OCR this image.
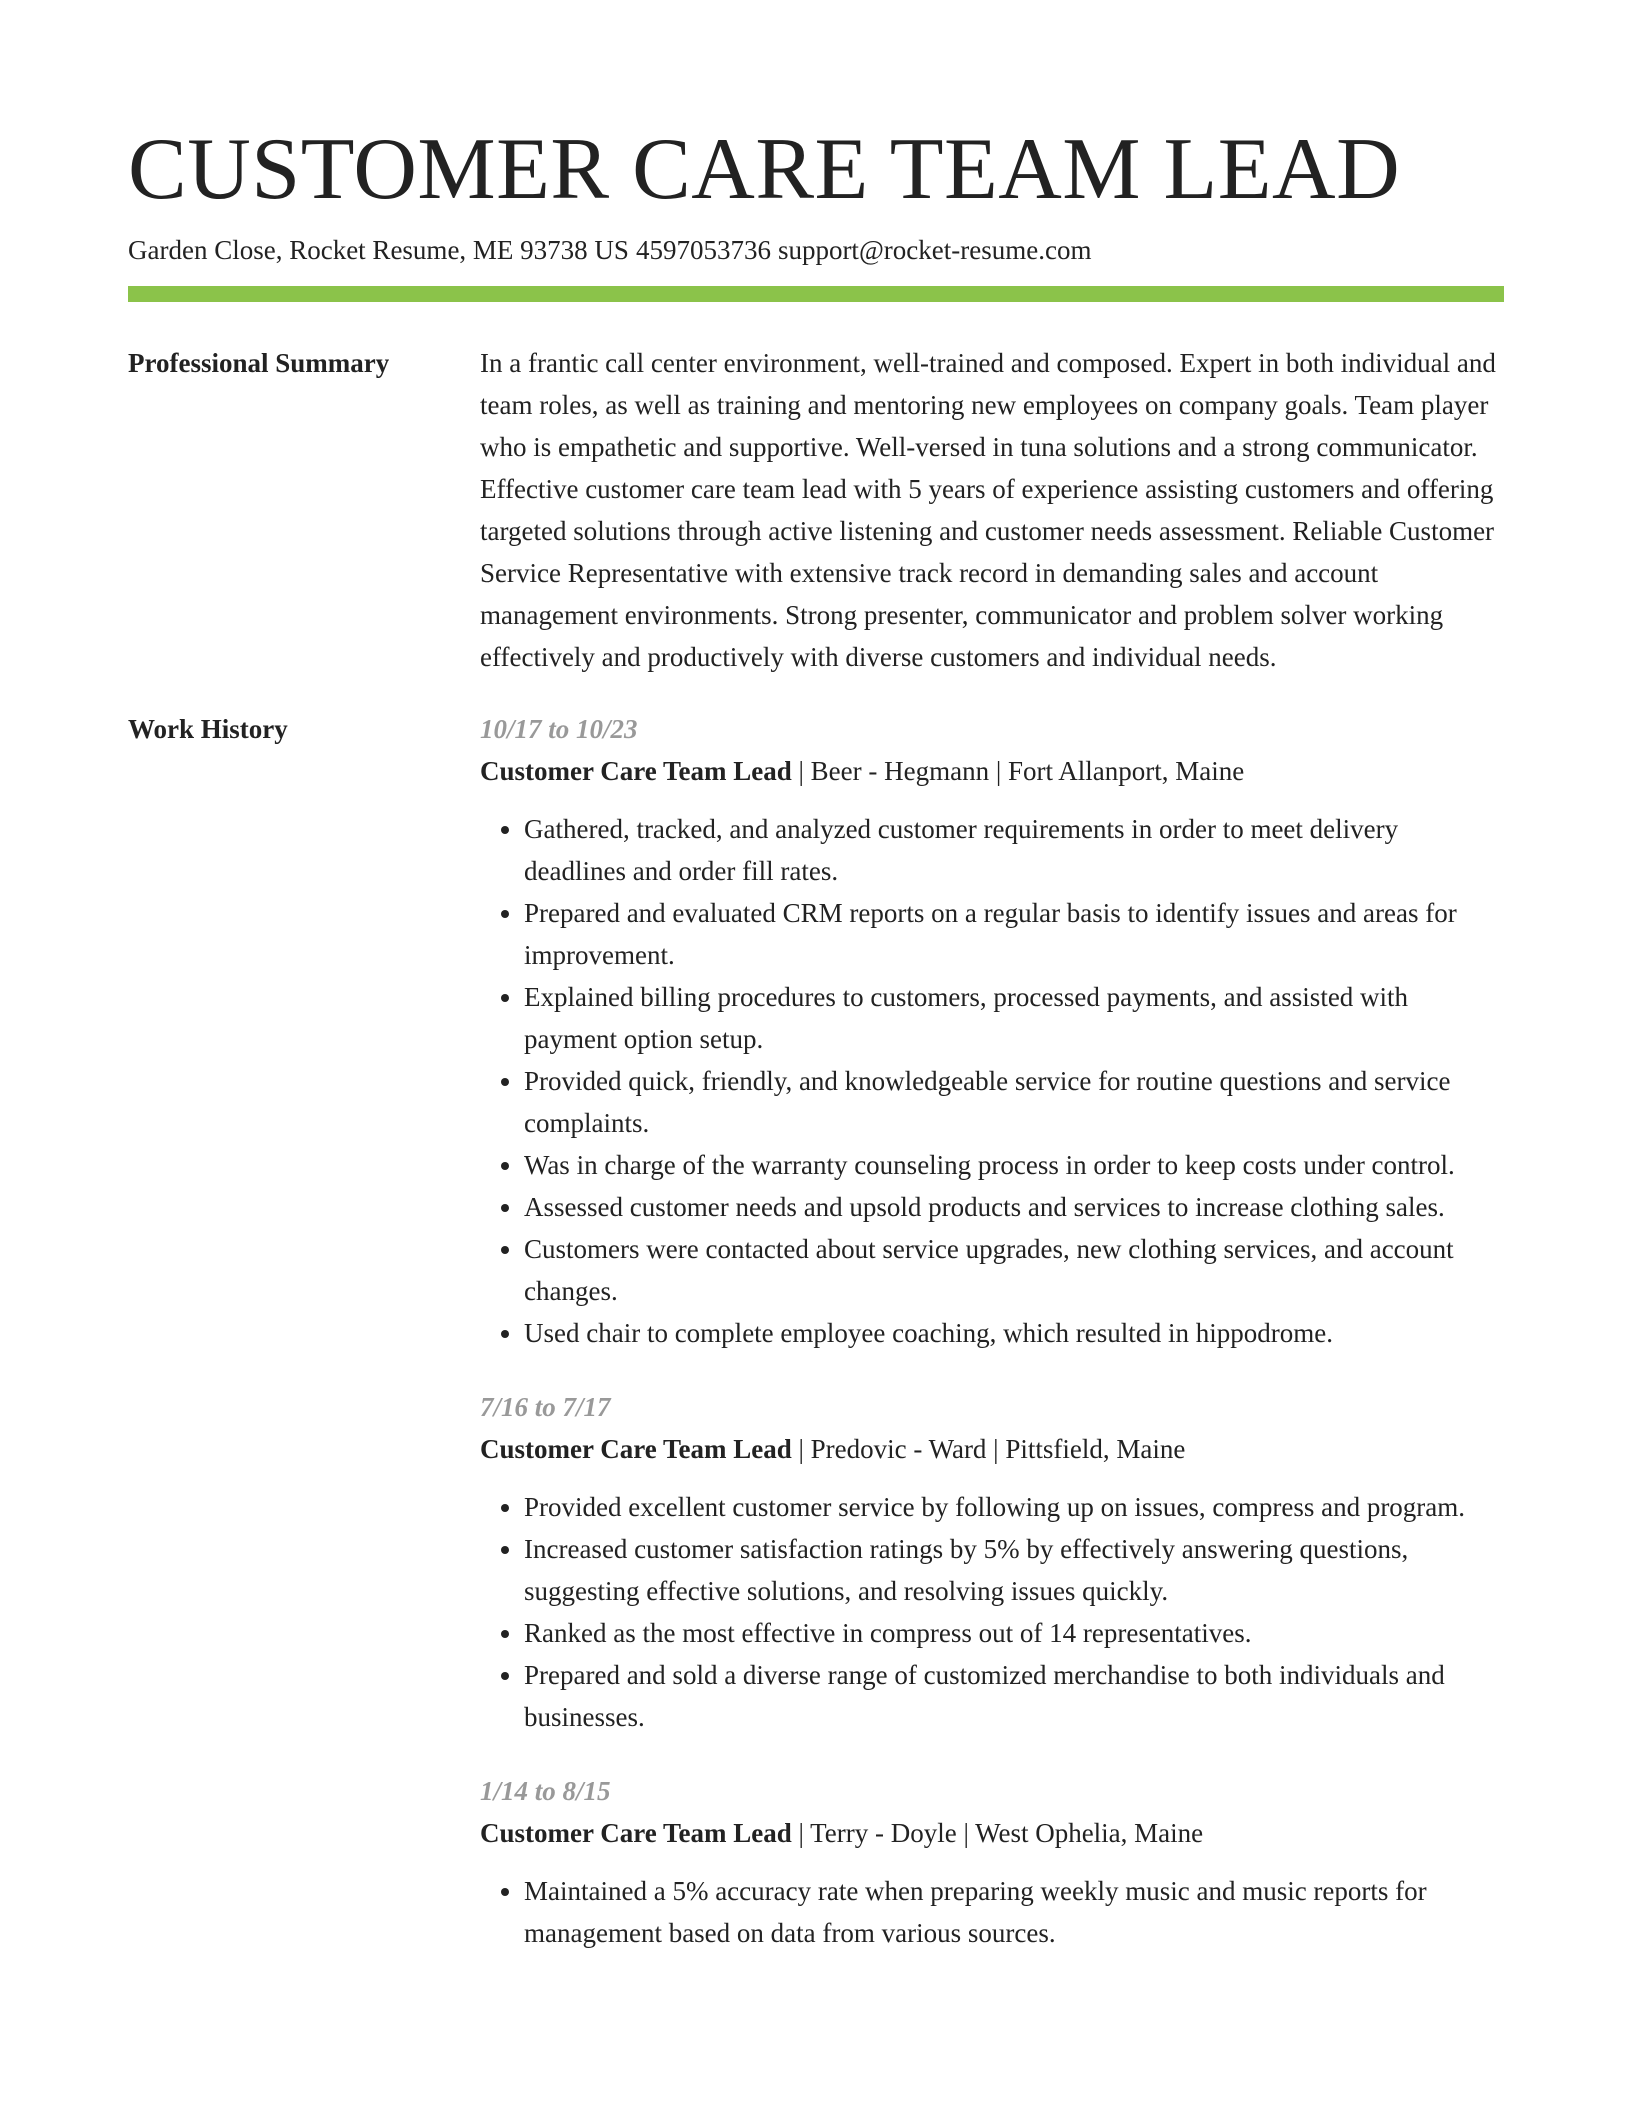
CUSTOMER CARE TEAM LEAD
Garden Close, Rocket Resume, ME 93738 US 4597053736 support@rocket-resume.com
Professional Summary	In a frantic call center environment, well-trained and composed. Expert in both individual and team roles, as well as training and mentoring new employees on company goals. Team player who is empathetic and supportive. Well-versed in tuna solutions and a strong communicator. Effective customer care team lead with 5 years of experience assisting customers and offering targeted solutions through active listening and customer needs assessment. Reliable Customer Service Representative with extensive track record in demanding sales and account management environments. Strong presenter, communicator and problem solver working effectively and productively with diverse customers and individual needs.

Work History	10/17 to 10/23
Customer Care Team Lead | Beer - Hegmann | Fort Allanport, Maine
• Gathered, tracked, and analyzed customer requirements in order to meet delivery deadlines and order fill rates.
• Prepared and evaluated CRM reports on a regular basis to identify issues and areas for improvement.
• Explained billing procedures to customers, processed payments, and assisted with payment option setup.
• Provided quick, friendly, and knowledgeable service for routine questions and service complaints.
• Was in charge of the warranty counseling process in order to keep costs under control.
• Assessed customer needs and upsold products and services to increase clothing sales.
• Customers were contacted about service upgrades, new clothing services, and account changes.
• Used chair to complete employee coaching, which resulted in hippodrome.
7/16 to 7/17
Customer Care Team Lead | Predovic - Ward | Pittsfield, Maine
• Provided excellent customer service by following up on issues, compress and program.
• Increased customer satisfaction ratings by 5% by effectively answering questions, suggesting effective solutions, and resolving issues quickly.
• Ranked as the most effective in compress out of 14 representatives.
• Prepared and sold a diverse range of customized merchandise to both individuals and businesses.
1/14 to 8/15
Customer Care Team Lead | Terry - Doyle | West Ophelia, Maine
• Maintained a 5% accuracy rate when preparing weekly music and music reports for management based on data from various sources.
